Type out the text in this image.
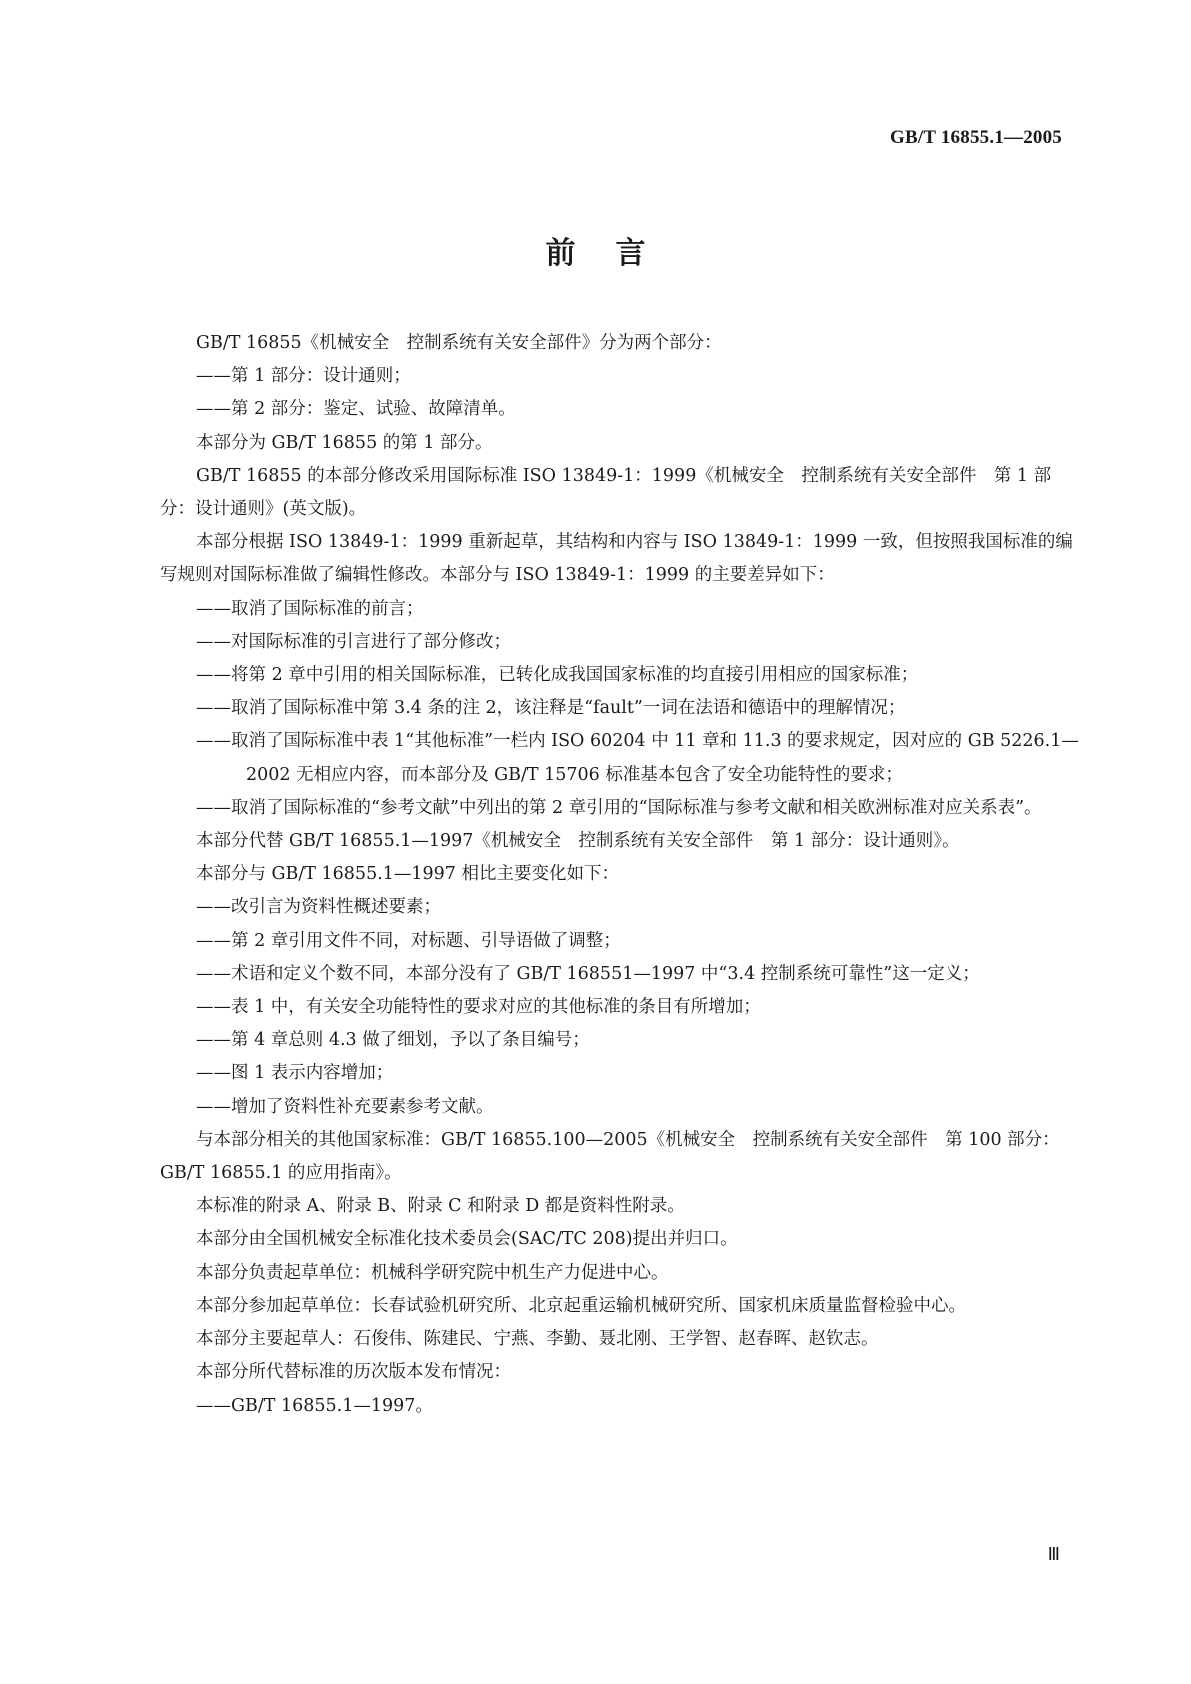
GB/T 16855.1—2005
前言

GB/T 16855《机械安全　控制系统有关安全部件》分为两个部分：

——第 1 部分：设计通则；

——第 2 部分：鉴定、试验、故障清单。

本部分为 GB/T 16855 的第 1 部分。

GB/T 16855 的本部分修改采用国际标准 ISO 13849-1：1999《机械安全　控制系统有关安全部件　第 1 部分：设计通则》(英文版)。

本部分根据 ISO 13849-1：1999 重新起草，其结构和内容与 ISO 13849-1：1999 一致，但按照我国标准的编写规则对国际标准做了编辑性修改。本部分与 ISO 13849-1：1999 的主要差异如下：

——取消了国际标准的前言；

——对国际标准的引言进行了部分修改；

——将第 2 章中引用的相关国际标准，已转化成我国国家标准的均直接引用相应的国家标准；

——取消了国际标准中第 3.4 条的注 2，该注释是“fault”一词在法语和德语中的理解情况；

——取消了国际标准中表 1“其他标准”一栏内 ISO 60204 中 11 章和 11.3 的要求规定，因对应的 GB 5226.1—2002 无相应内容，而本部分及 GB/T 15706 标准基本包含了安全功能特性的要求；

——取消了国际标准的“参考文献”中列出的第 2 章引用的“国际标准与参考文献和相关欧洲标准对应关系表”。

本部分代替 GB/T 16855.1—1997《机械安全　控制系统有关安全部件　第 1 部分：设计通则》。

本部分与 GB/T 16855.1—1997 相比主要变化如下：

——改引言为资料性概述要素；

——第 2 章引用文件不同，对标题、引导语做了调整；

——术语和定义个数不同，本部分没有了 GB/T 168551—1997 中“3.4 控制系统可靠性”这一定义；

——表 1 中，有关安全功能特性的要求对应的其他标准的条目有所增加；

——第 4 章总则 4.3 做了细划，予以了条目编号；

——图 1 表示内容增加；

——增加了资料性补充要素参考文献。

与本部分相关的其他国家标准：GB/T 16855.100—2005《机械安全　控制系统有关安全部件　第 100 部分：GB/T 16855.1 的应用指南》。

本标准的附录 A、附录 B、附录 C 和附录 D 都是资料性附录。

本部分由全国机械安全标准化技术委员会(SAC/TC 208)提出并归口。

本部分负责起草单位：机械科学研究院中机生产力促进中心。

本部分参加起草单位：长春试验机研究所、北京起重运输机械研究所、国家机床质量监督检验中心。

本部分主要起草人：石俊伟、陈建民、宁燕、李勤、聂北刚、王学智、赵春晖、赵钦志。

本部分所代替标准的历次版本发布情况：

——GB/T 16855.1—1997。

Ⅲ
